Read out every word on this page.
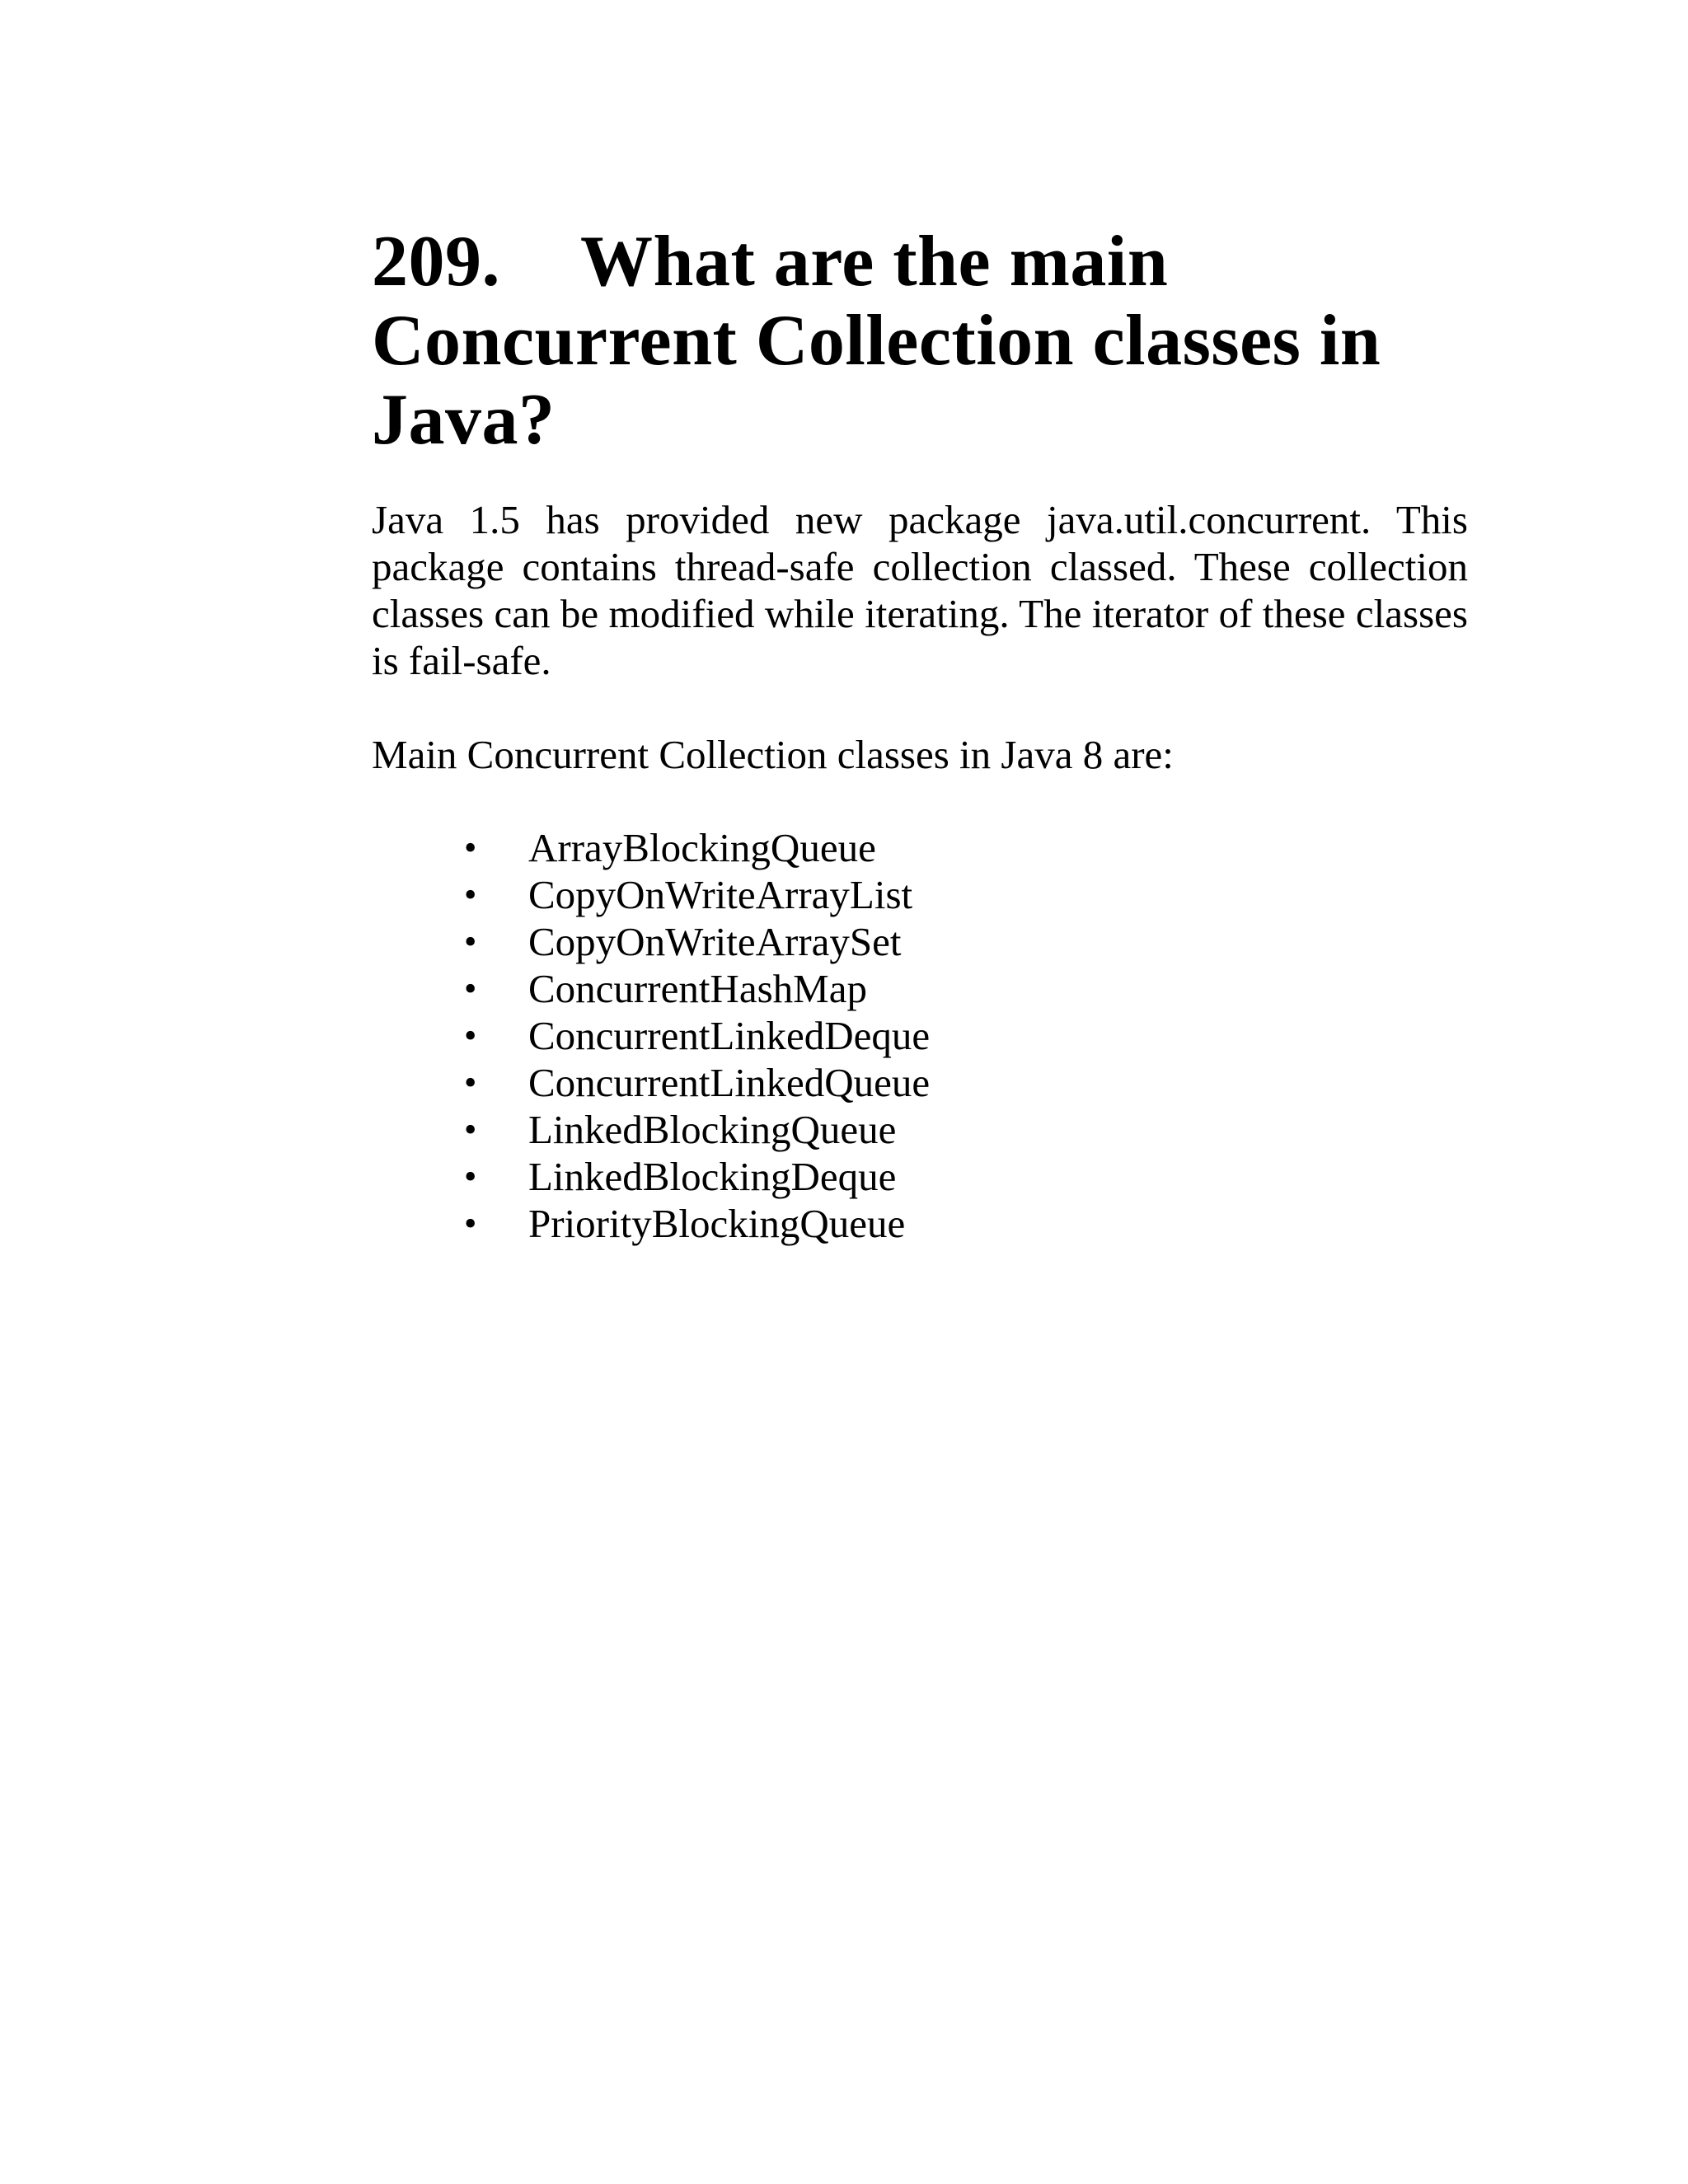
209. What are the main Concurrent Collection classes in Java?

Java 1.5 has provided new package java.util.concurrent. This package contains thread-safe collection classed. These collection classes can be modified while iterating. The iterator of these classes is fail-safe.

Main Concurrent Collection classes in Java 8 are:

• ArrayBlockingQueue
• CopyOnWriteArrayList
• CopyOnWriteArraySet
• ConcurrentHashMap
• ConcurrentLinkedDeque
• ConcurrentLinkedQueue
• LinkedBlockingQueue
• LinkedBlockingDeque
• PriorityBlockingQueue
